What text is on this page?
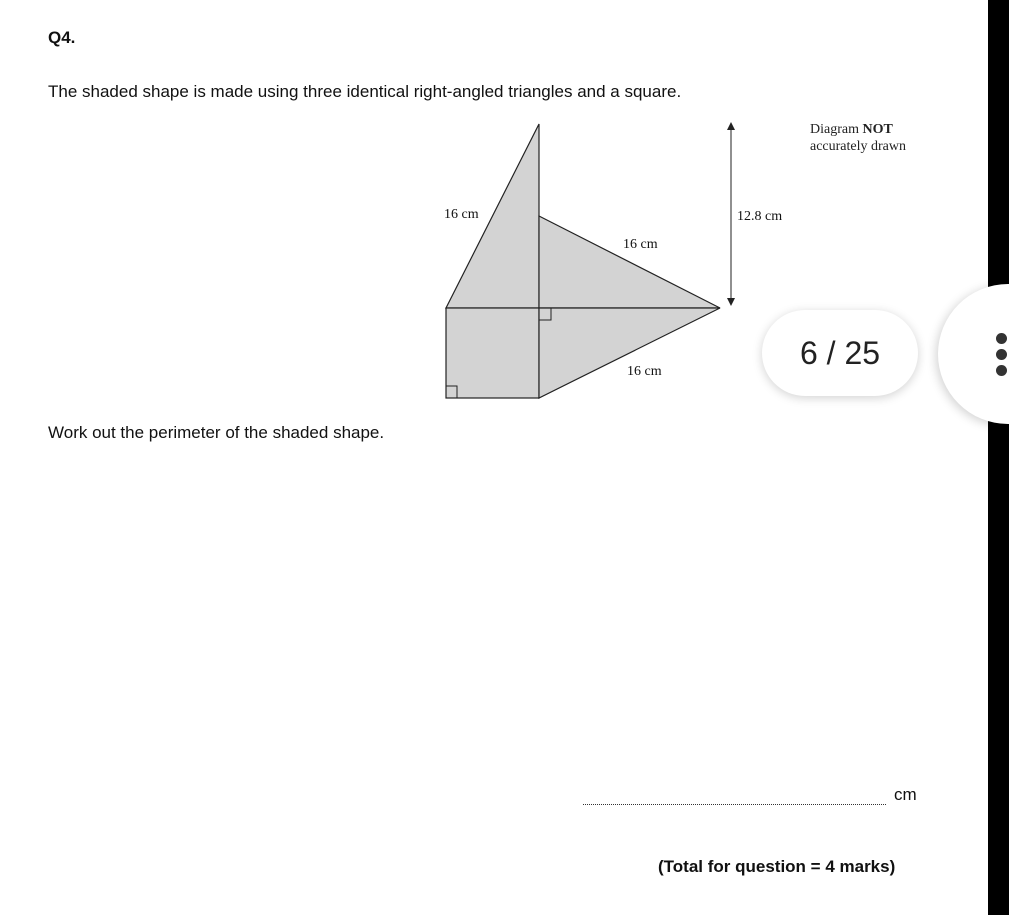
Q4.
The shaded shape is made using three identical right-angled triangles and a square.
16 cm
16 cm
16 cm
12.8 cm
Diagram NOT
accurately drawn
Work out the perimeter of the shaded shape.
cm
(Total for question = 4 marks)
6 / 25
